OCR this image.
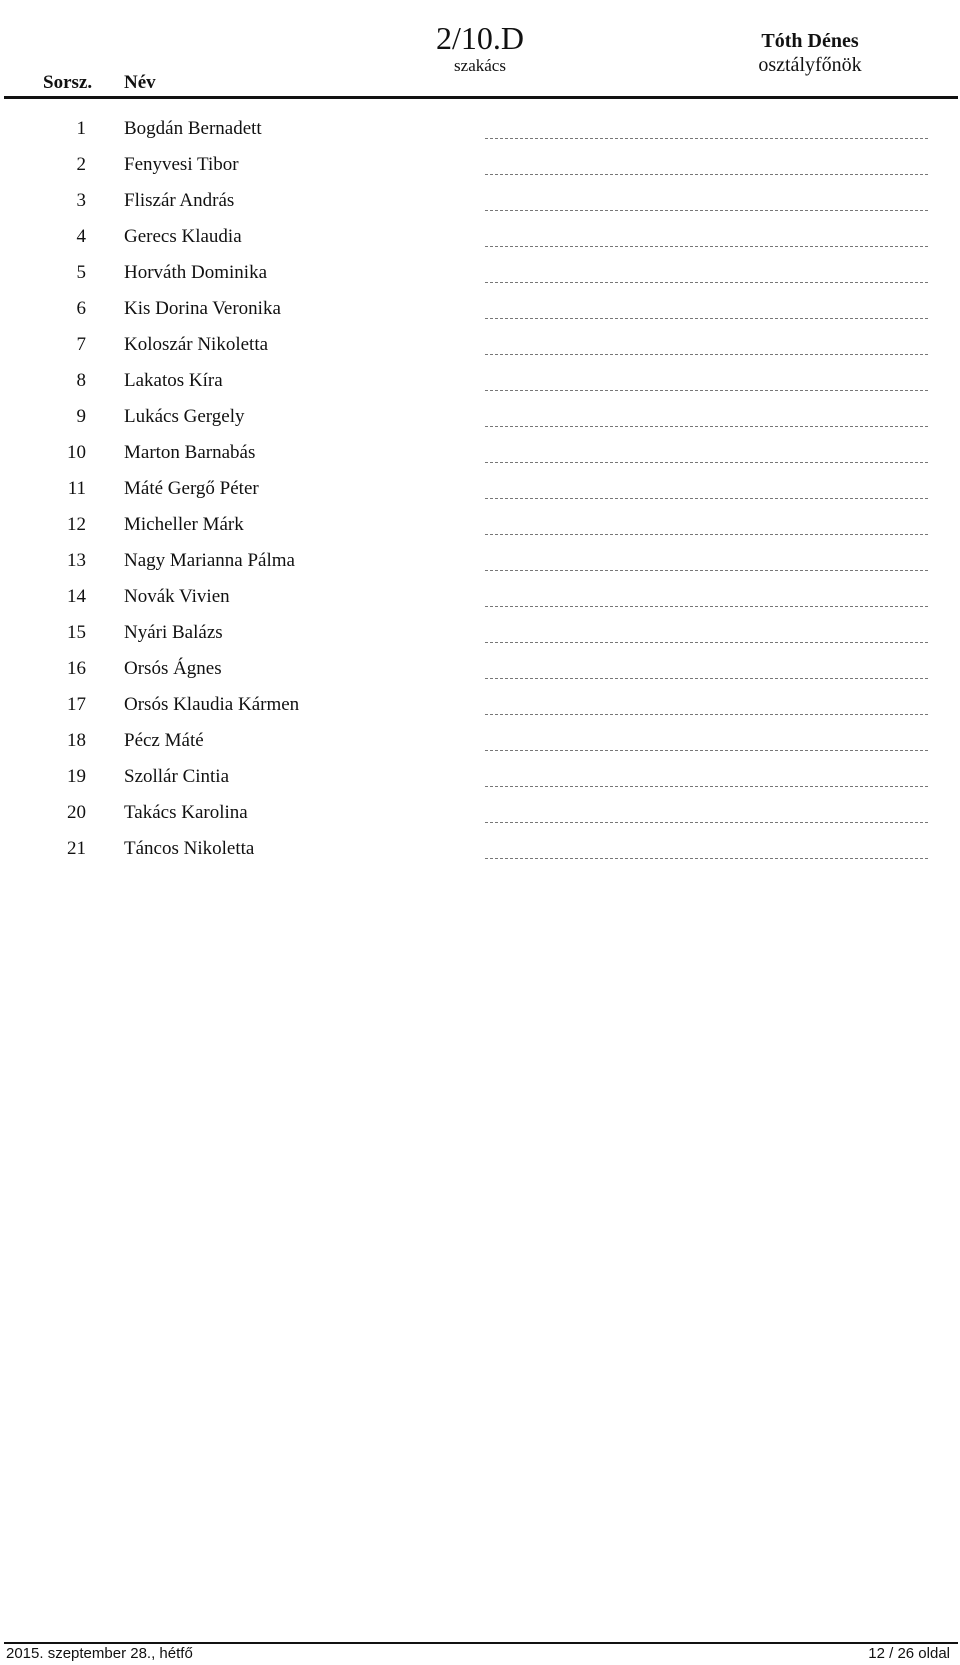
Sorsz. Név
2/10.D
szakács
Tóth Dénes
osztályfőnök
1 Bogdán Bernadett
2 Fenyvesi Tibor
3 Fliszár András
4 Gerecs Klaudia
5 Horváth Dominika
6 Kis Dorina Veronika
7 Koloszár Nikoletta
8 Lakatos Kíra
9 Lukács Gergely
10 Marton Barnabás
11 Máté Gergő Péter
12 Micheller Márk
13 Nagy Marianna Pálma
14 Novák Vivien
15 Nyári Balázs
16 Orsós Ágnes
17 Orsós Klaudia Kármen
18 Pécz Máté
19 Szollár Cintia
20 Takács Karolina
21 Táncos Nikoletta
2015. szeptember 28., hétfő	12 / 26 oldal
